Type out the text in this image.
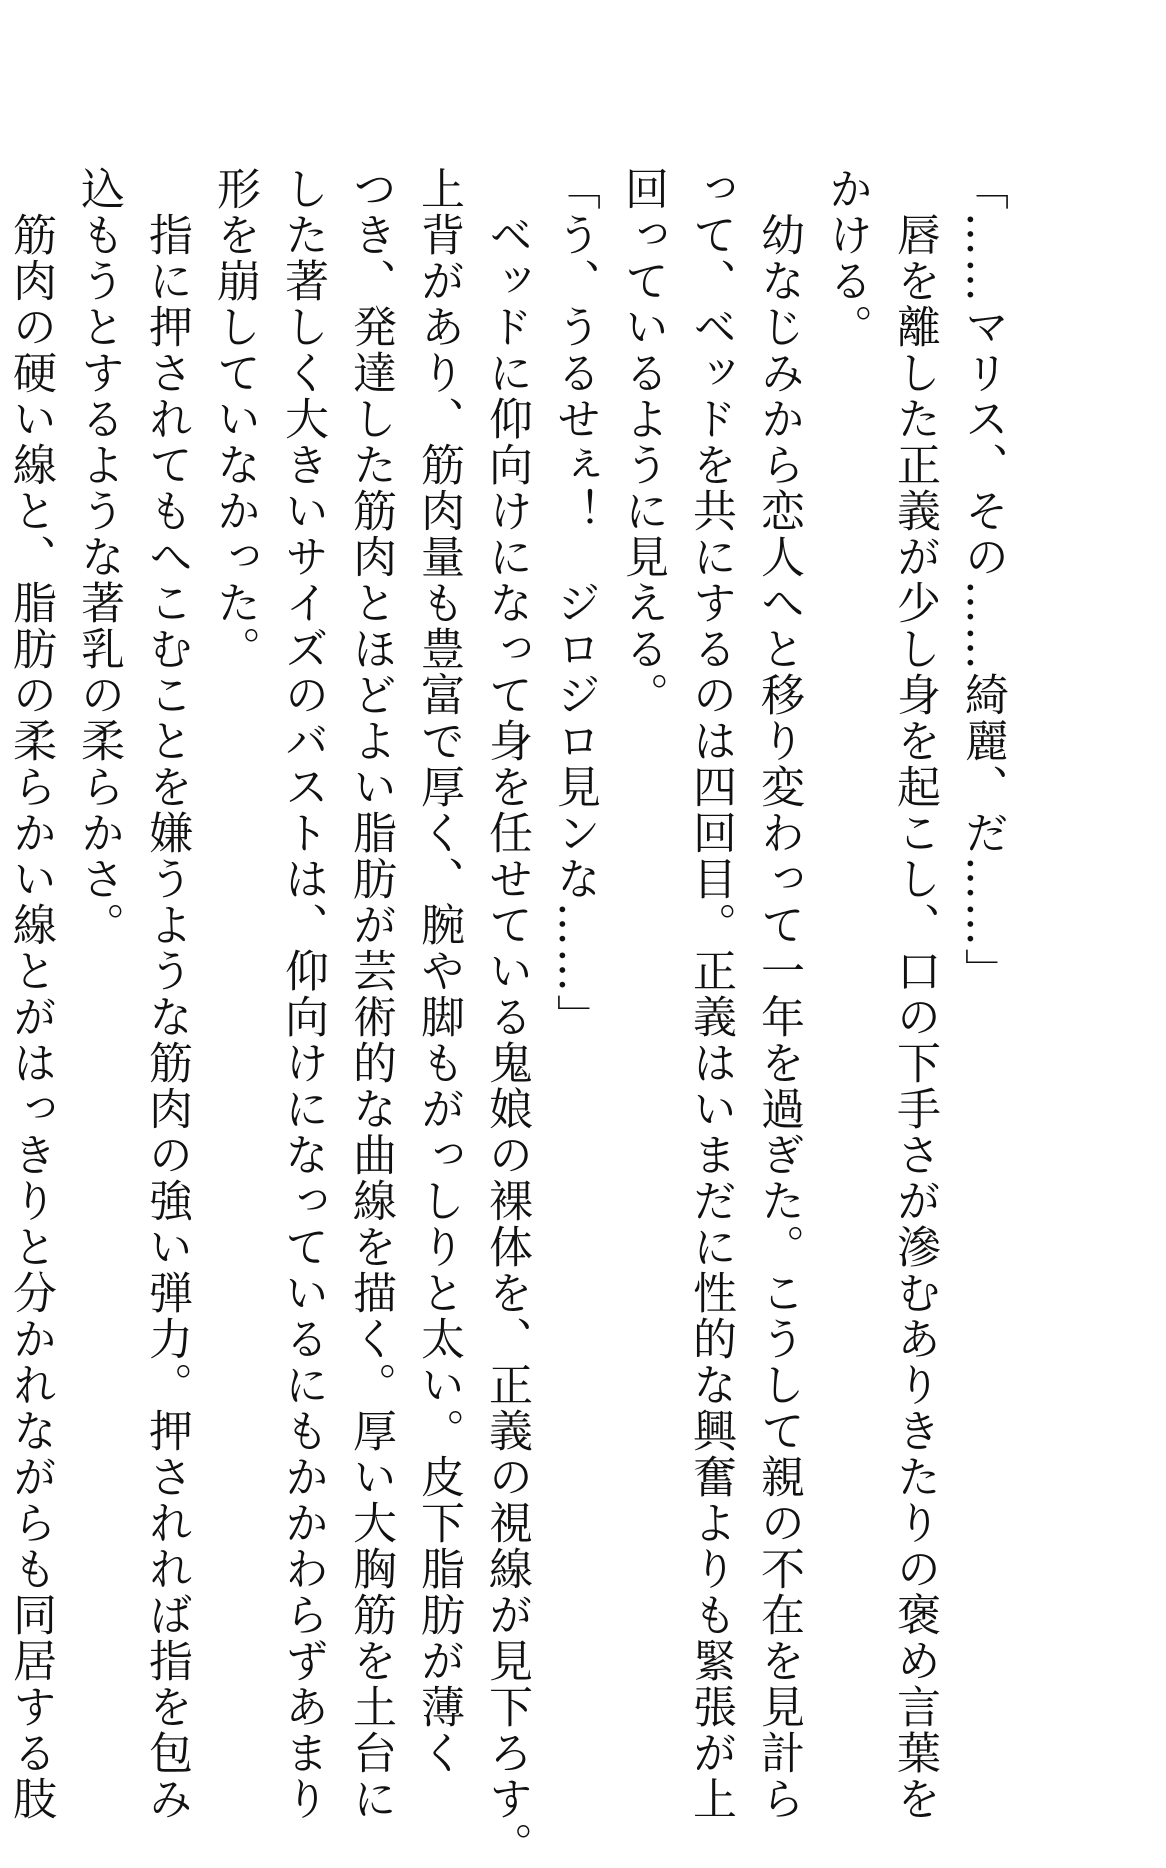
「……マリス、その……綺麗、だ……」
　唇を離した正義が少し身を起こし、口の下手さが滲むありきたりの褒め言葉を
かける。
　幼なじみから恋人へと移り変わって一年を過ぎた。こうして親の不在を見計ら
って、ベッドを共にするのは四回目。正義はいまだに性的な興奮よりも緊張が上
回っているように見える。
「う、うるせぇ！　ジロジロ見ンな……」
　ベッドに仰向けになって身を任せている鬼娘の裸体を、正義の視線が見下ろす。
上背があり、筋肉量も豊富で厚く、腕や脚もがっしりと太い。皮下脂肪が薄く
つき、発達した筋肉とほどよい脂肪が芸術的な曲線を描く。厚い大胸筋を土台に
した著しく大きいサイズのバストは、仰向けになっているにもかかわらずあまり
形を崩していなかった。
　指に押されてもへこむことを嫌うような筋肉の強い弾力。押されれば指を包み
込もうとするような著乳の柔らかさ。
　筋肉の硬い線と、脂肪の柔らかい線とがはっきりと分かれながらも同居する肢
